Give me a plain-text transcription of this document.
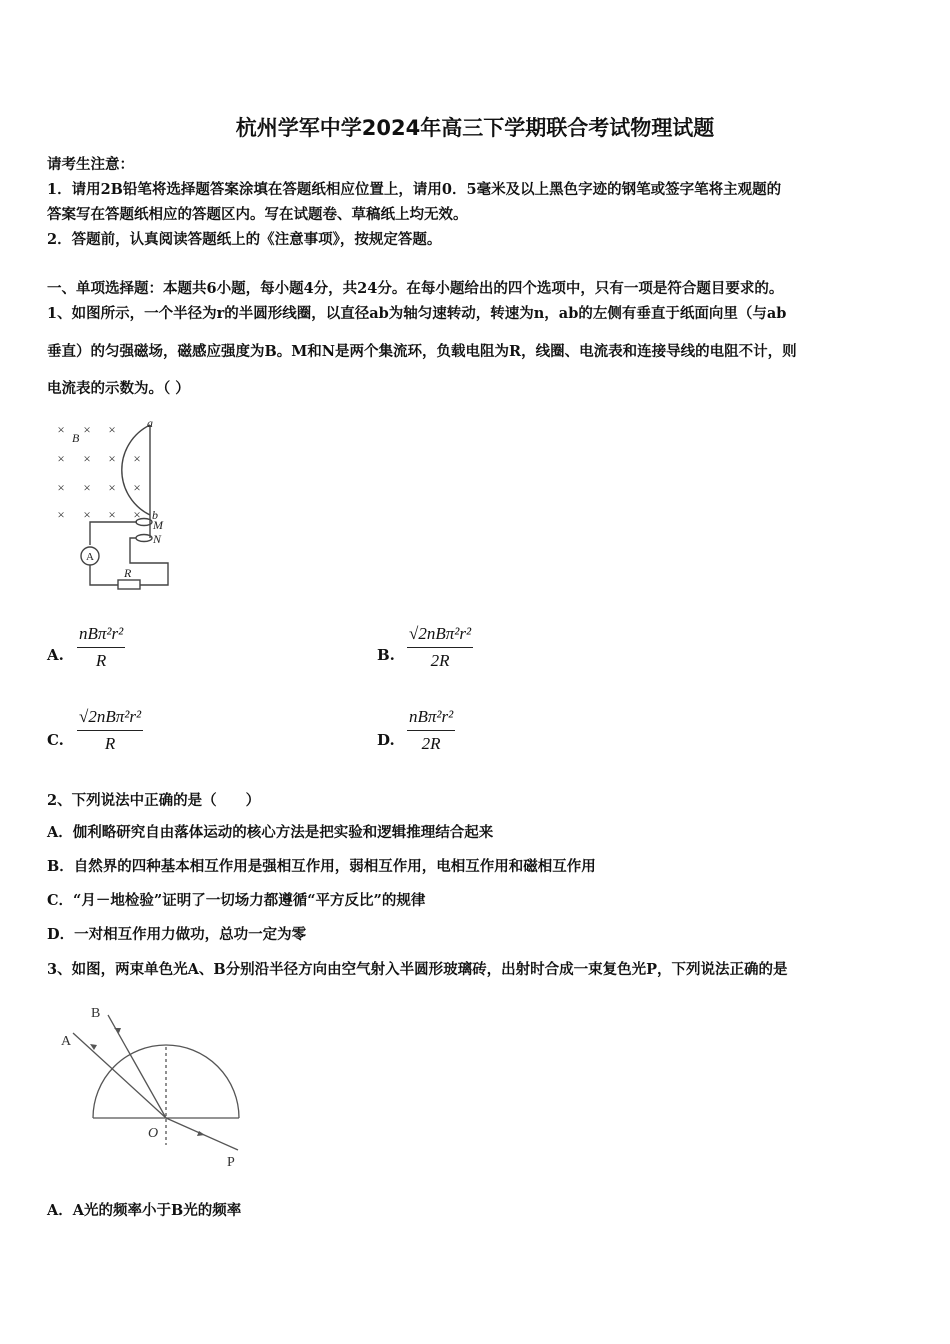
杭州学军中学2024年高三下学期联合考试物理试题
请考生注意：
1．请用2B铅笔将选择题答案涂填在答题纸相应位置上，请用0．5毫米及以上黑色字迹的钢笔或签字笔将主观题的
答案写在答题纸相应的答题区内。写在试题卷、草稿纸上均无效。
2．答题前，认真阅读答题纸上的《注意事项》，按规定答题。
一、单项选择题：本题共6小题，每小题4分，共24分。在每小题给出的四个选项中，只有一项是符合题目要求的。
1、如图所示，一个半径为r的半圆形线圈，以直径ab为轴匀速转动，转速为n，ab的左侧有垂直于纸面向里（与ab
垂直）的匀强磁场，磁感应强度为B。M和N是两个集流环，负载电阻为R，线圈、电流表和连接导线的电阻不计，则
电流表的示数为。（ ）
× × ×
× × × ×
× × × ×
× × × ×
B
a
b
M
N
R
A
A.
nBπ²r²
R	B.
√2nBπ²r²
2R
C.
√2nBπ²r²
R	D.
nBπ²r²
2R
2、下列说法中正确的是（　　）
A．伽利略研究自由落体运动的核心方法是把实验和逻辑推理结合起来
B．自然界的四种基本相互作用是强相互作用，弱相互作用，电相互作用和磁相互作用
C．“月－地检验”证明了一切场力都遵循“平方反比”的规律
D．一对相互作用力做功，总功一定为零
3、如图，两束单色光A、B分别沿半径方向由空气射入半圆形玻璃砖，出射时合成一束复色光P，下列说法正确的是
A
B
O
P
A．A光的频率小于B光的频率
